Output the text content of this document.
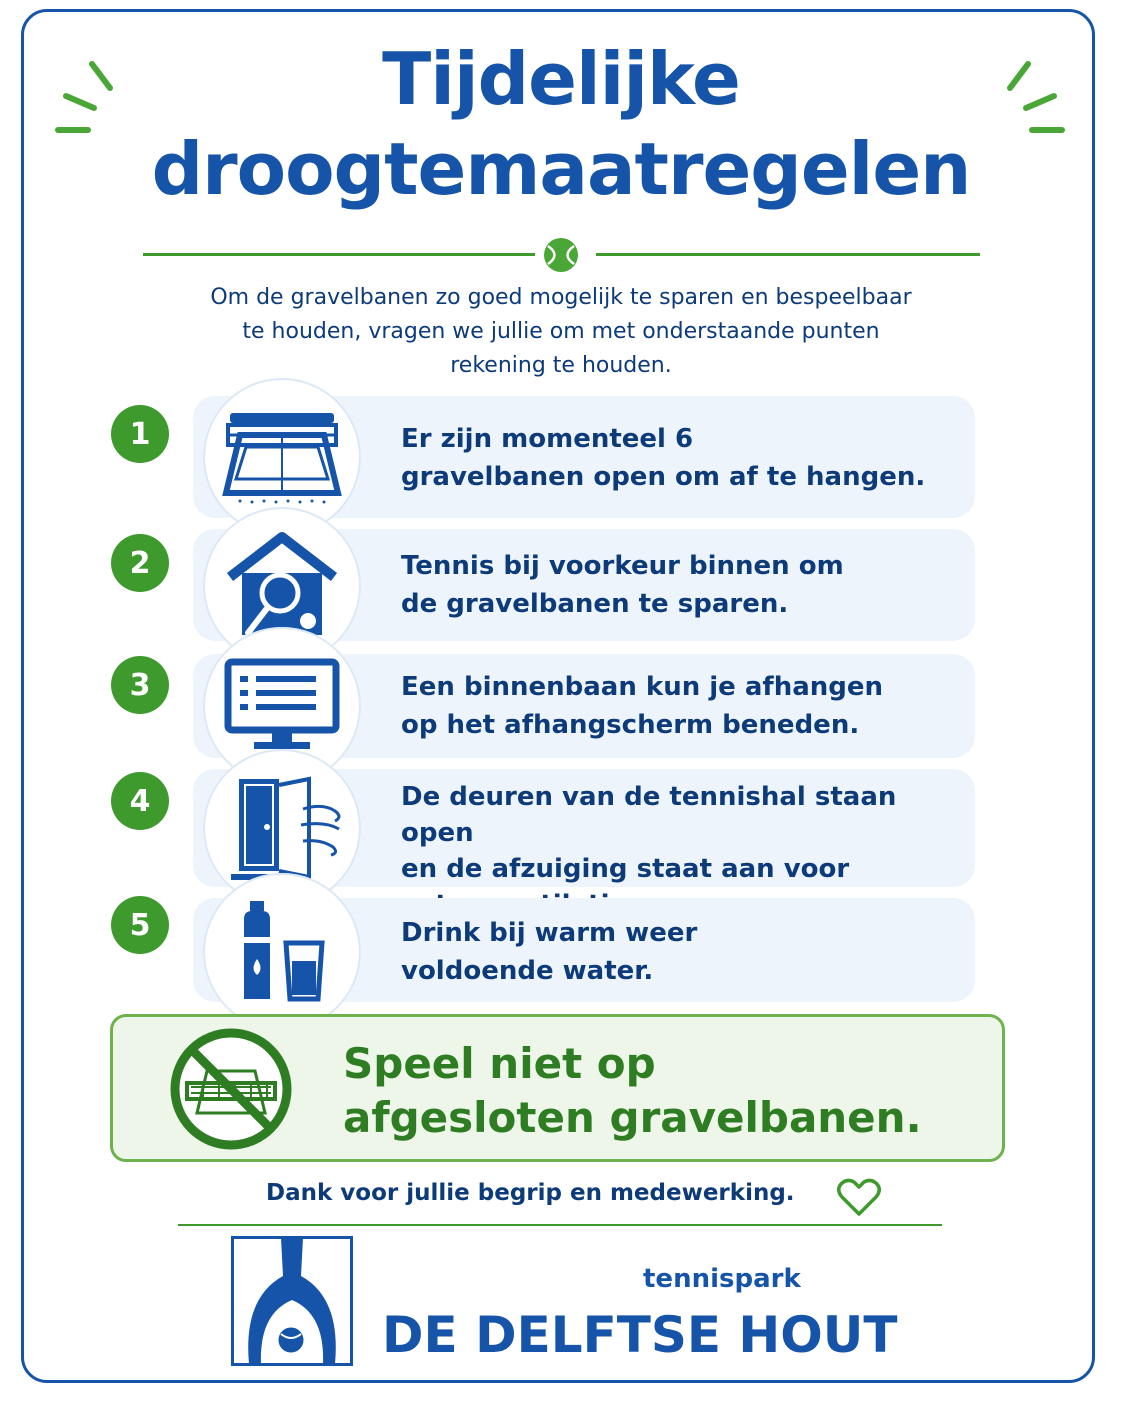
Tijdelijke
droogtemaatregelen
Om de gravelbanen zo goed mogelijk te sparen en bespeelbaar te houden, vragen we jullie om met onderstaande punten rekening te houden.
1	Er zijn momenteel 6
gravelbanen open om af te hangen.
2	Tennis bij voorkeur binnen om
de gravelbanen te sparen.
3	Een binnenbaan kun je afhangen
op het afhangscherm beneden.
4	De deuren van de tennishal staan open
en de afzuiging staat aan voor
5	Drink bij warm weer
voldoende water.
Speel niet op
afgesloten gravelbanen.
Dank voor jullie begrip en medewerking.
tennispark
DE DELFTSE HOUT
